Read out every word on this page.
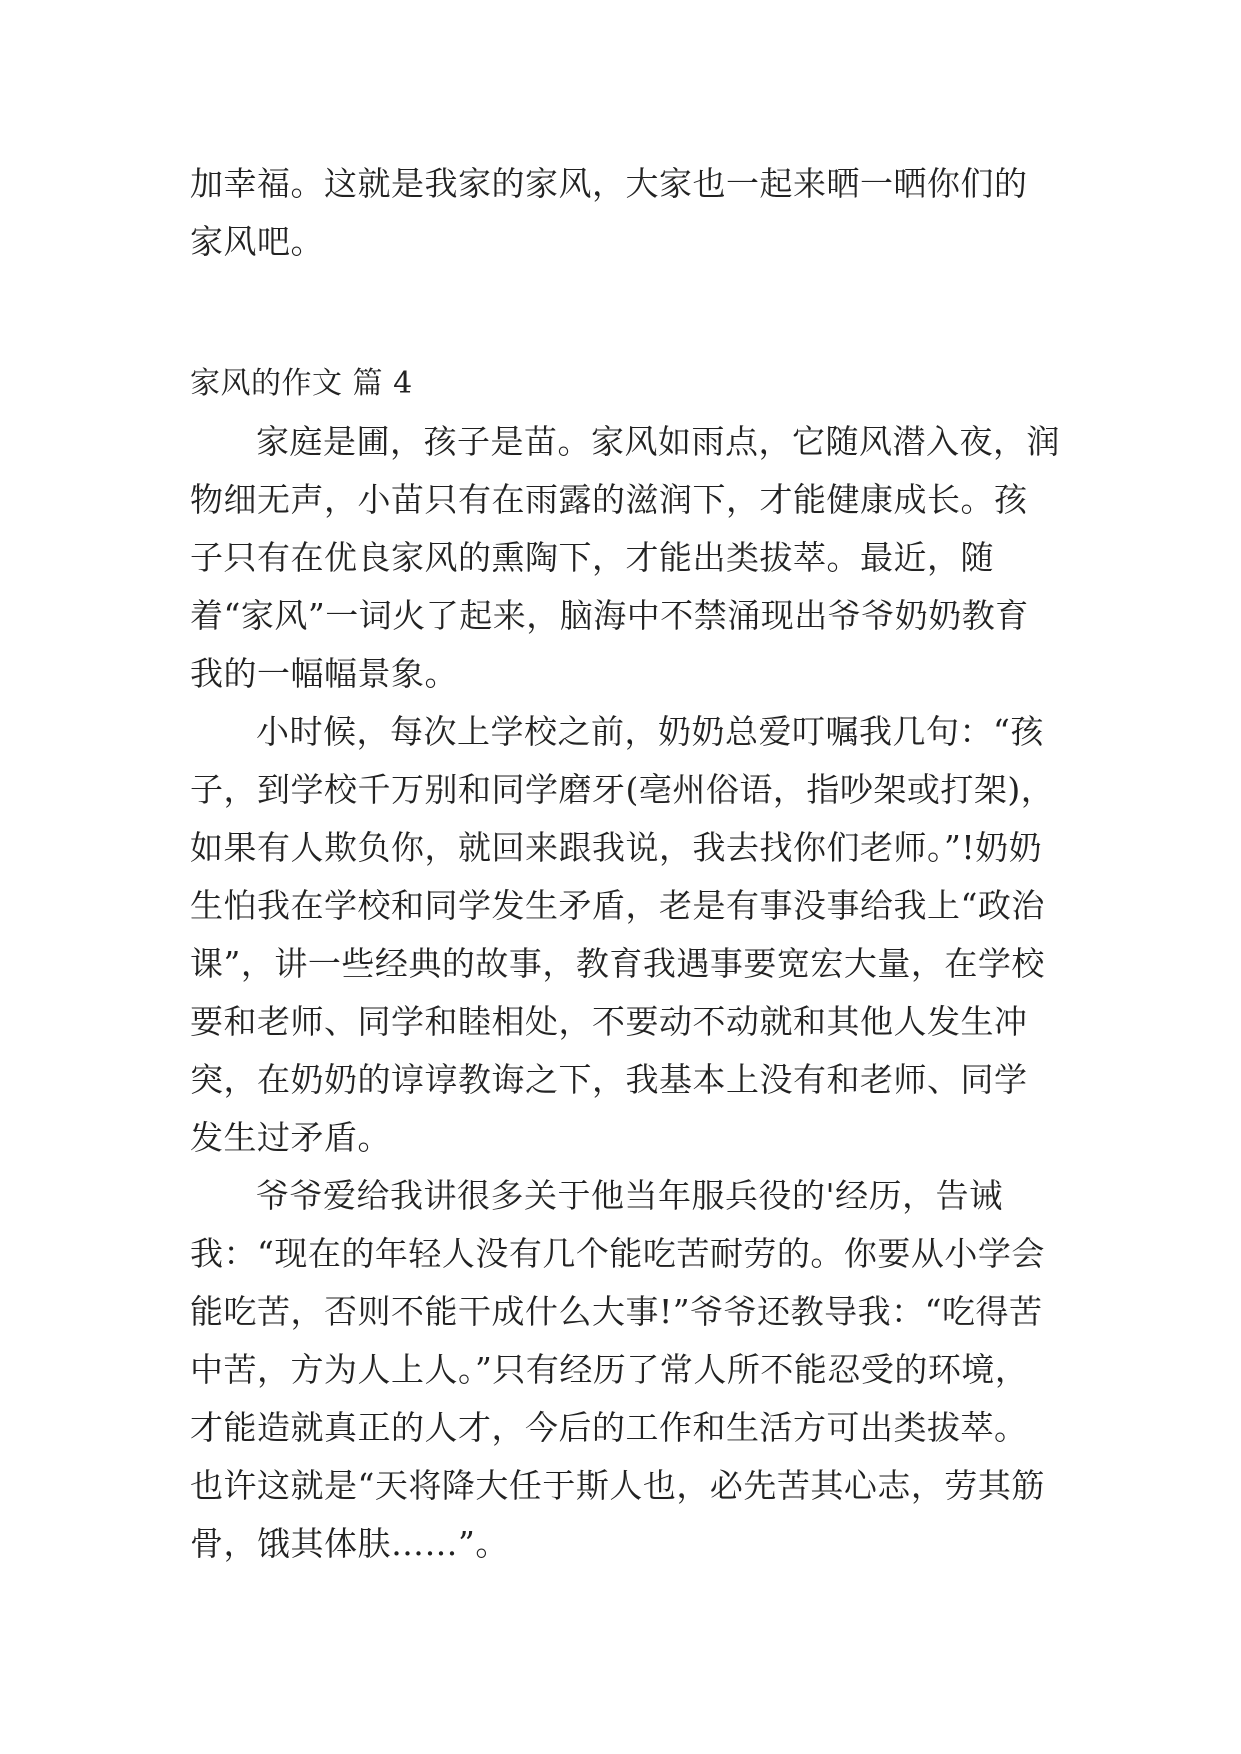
加幸福。这就是我家的家风，大家也一起来晒一晒你们的家风吧。

家风的作文 篇 4

家庭是圃，孩子是苗。家风如雨点，它随风潜入夜，润物细无声，小苗只有在雨露的滋润下，才能健康成长。孩子只有在优良家风的熏陶下，才能出类拔萃。最近，随着“家风”一词火了起来，脑海中不禁涌现出爷爷奶奶教育我的一幅幅景象。

小时候，每次上学校之前，奶奶总爱叮嘱我几句：“孩子，到学校千万别和同学磨牙(亳州俗语，指吵架或打架)，如果有人欺负你，就回来跟我说，我去找你们老师。”!奶奶生怕我在学校和同学发生矛盾，老是有事没事给我上“政治课”，讲一些经典的故事，教育我遇事要宽宏大量，在学校要和老师、同学和睦相处，不要动不动就和其他人发生冲突，在奶奶的谆谆教诲之下，我基本上没有和老师、同学发生过矛盾。

爷爷爱给我讲很多关于他当年服兵役的'经历，告诫我：“现在的年轻人没有几个能吃苦耐劳的。你要从小学会能吃苦，否则不能干成什么大事!”爷爷还教导我：“吃得苦中苦，方为人上人。”只有经历了常人所不能忍受的环境，才能造就真正的人才，今后的工作和生活方可出类拔萃。也许这就是“天将降大任于斯人也，必先苦其心志，劳其筋骨，饿其体肤……”。
